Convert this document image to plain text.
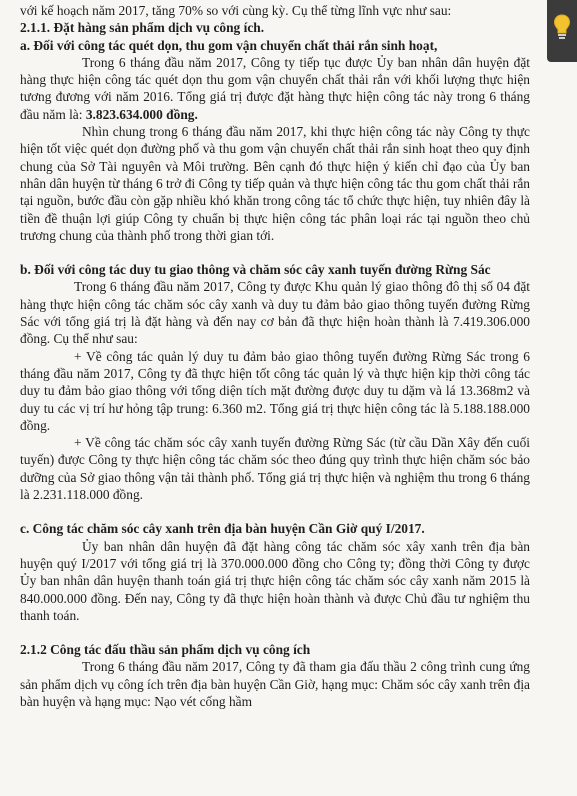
với kế hoạch năm 2017, tăng 70% so với cùng kỳ. Cụ thể từng lĩnh vực như sau:

2.1.1. Đặt hàng sản phẩm dịch vụ công ích.

a. Đối với công tác quét dọn, thu gom vận chuyển chất thải rắn sinh hoạt,

Trong 6 tháng đầu năm 2017, Công ty tiếp tục được Ủy ban nhân dân huyện đặt hàng thực hiện công tác quét dọn thu gom vận chuyển chất thải rắn với khối lượng thực hiện tương đương với năm 2016. Tổng giá trị được đặt hàng thực hiện công tác này trong 6 tháng đầu năm là: 3.823.634.000 đồng.

Nhìn chung trong 6 tháng đầu năm 2017, khi thực hiện công tác này Công ty thực hiện tốt việc quét dọn đường phố và thu gom vận chuyển chất thải rắn sinh hoạt theo quy định chung của Sở Tài nguyên và Môi trường. Bên cạnh đó thực hiện ý kiến chỉ đạo của Ủy ban nhân dân huyện từ tháng 6 trở đi Công ty tiếp quản và thực hiện công tác thu gom chất thải rắn tại nguồn, bước đầu còn gặp nhiều khó khăn trong công tác tổ chức thực hiện, tuy nhiên đây là tiền đề thuận lợi giúp Công ty chuẩn bị thực hiện công tác phân loại rác tại nguồn theo chủ trương chung của thành phố trong thời gian tới.

b. Đối với công tác duy tu giao thông và chăm sóc cây xanh tuyến đường Rừng Sác

Trong 6 tháng đầu năm 2017, Công ty được Khu quản lý giao thông đô thị số 04 đặt hàng thực hiện công tác chăm sóc cây xanh và duy tu đảm bảo giao thông tuyến đường Rừng Sác với tổng giá trị là đặt hàng và đến nay cơ bản đã thực hiện hoàn thành là 7.419.306.000 đồng. Cụ thể như sau:

+ Về công tác quản lý duy tu đảm bảo giao thông tuyến đường Rừng Sác trong 6 tháng đầu năm 2017, Công ty đã thực hiện tốt công tác quản lý và thực hiện kịp thời công tác duy tu đảm bảo giao thông với tổng diện tích mặt đường được duy tu dặm và lá 13.368m2 và duy tu các vị trí hư hỏng tập trung: 6.360 m2. Tổng giá trị thực hiện công tác là 5.188.188.000 đồng.

+ Về công tác chăm sóc cây xanh tuyến đường Rừng Sác (từ cầu Dần Xây đến cuối tuyến) được Công ty thực hiện công tác chăm sóc theo đúng quy trình thực hiện chăm sóc bảo dưỡng của Sở giao thông vận tải thành phố. Tổng giá trị thực hiện và nghiệm thu trong 6 tháng là 2.231.118.000 đồng.

c. Công tác chăm sóc cây xanh trên địa bàn huyện Cần Giờ quý I/2017.

Ủy ban nhân dân huyện đã đặt hàng công tác chăm sóc xây xanh trên địa bàn huyện quý I/2017 với tổng giá trị là 370.000.000 đồng cho Công ty; đồng thời Công ty được Ủy ban nhân dân huyện thanh toán giá trị thực hiện công tác chăm sóc cây xanh năm 2015 là 840.000.000 đồng. Đến nay, Công ty đã thực hiện hoàn thành và được Chủ đầu tư nghiệm thu thanh toán.

2.1.2 Công tác đấu thầu sản phẩm dịch vụ công ích

Trong 6 tháng đầu năm 2017, Công ty đã tham gia đấu thầu 2 công trình cung ứng sản phẩm dịch vụ công ích trên địa bàn huyện Cần Giờ, hạng mục: Chăm sóc cây xanh trên địa bàn huyện và hạng mục: Nạo vét cống hầm
